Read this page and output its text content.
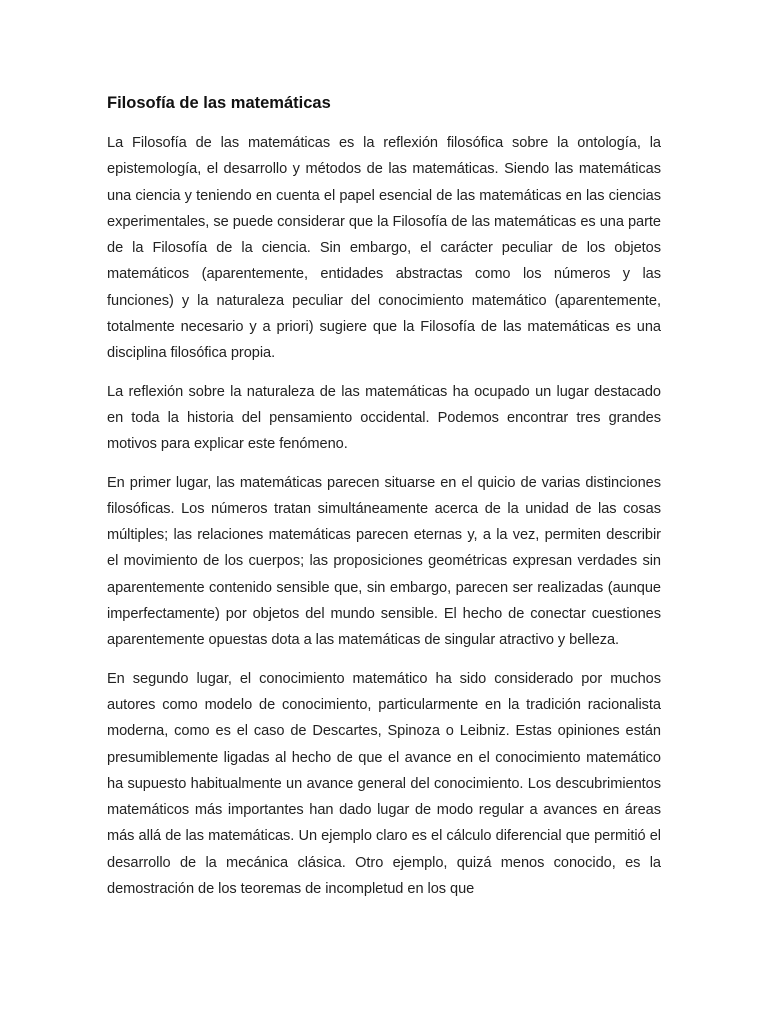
Filosofía de las matemáticas

La Filosofía de las matemáticas es la reflexión filosófica sobre la ontología, la epistemología, el desarrollo y métodos de las matemáticas. Siendo las matemáticas una ciencia y teniendo en cuenta el papel esencial de las matemáticas en las ciencias experimentales, se puede considerar que la Filosofía de las matemáticas es una parte de la Filosofía de la ciencia. Sin embargo, el carácter peculiar de los objetos matemáticos (aparentemente, entidades abstractas como los números y las funciones) y la naturaleza peculiar del conocimiento matemático (aparentemente, totalmente necesario y a priori) sugiere que la Filosofía de las matemáticas es una disciplina filosófica propia.

La reflexión sobre la naturaleza de las matemáticas ha ocupado un lugar destacado en toda la historia del pensamiento occidental. Podemos encontrar tres grandes motivos para explicar este fenómeno.

En primer lugar, las matemáticas parecen situarse en el quicio de varias distinciones filosóficas. Los números tratan simultáneamente acerca de la unidad de las cosas múltiples; las relaciones matemáticas parecen eternas y, a la vez, permiten describir el movimiento de los cuerpos; las proposiciones geométricas expresan verdades sin aparentemente contenido sensible que, sin embargo, parecen ser realizadas (aunque imperfectamente) por objetos del mundo sensible. El hecho de conectar cuestiones aparentemente opuestas dota a las matemáticas de singular atractivo y belleza.

En segundo lugar, el conocimiento matemático ha sido considerado por muchos autores como modelo de conocimiento, particularmente en la tradición racionalista moderna, como es el caso de Descartes, Spinoza o Leibniz. Estas opiniones están presumiblemente ligadas al hecho de que el avance en el conocimiento matemático ha supuesto habitualmente un avance general del conocimiento. Los descubrimientos matemáticos más importantes han dado lugar de modo regular a avances en áreas más allá de las matemáticas. Un ejemplo claro es el cálculo diferencial que permitió el desarrollo de la mecánica clásica. Otro ejemplo, quizá menos conocido, es la demostración de los teoremas de incompletud en los que
